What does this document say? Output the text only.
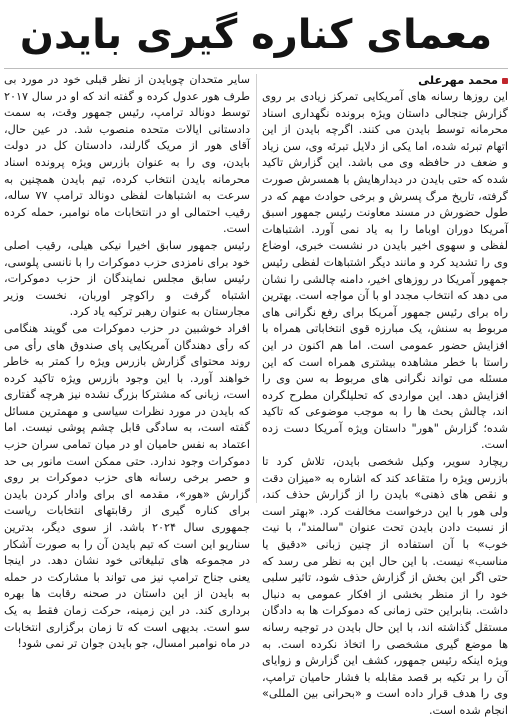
معمای کناره گیری بایدن
محمد مهرعلی

این روزها رسانه های آمریکایی تمرکز زیادی بر روی گزارش جنجالی داستان ویژه برونده نگهداری اسناد محرمانه توسط بایدن می کنند. اگرچه بایدن از این اتهام تبرئه شده، اما یکی از دلایل تبرئه وی، سن زیاد و ضعف در حافظه وی می باشد. این گزارش تاکید شده که حتی بایدن در دیدارهایش با همسرش صورت گرفته، تاریخ مرگ پسرش و برخی حوادث مهم که در طول حضورش در مسند معاونت رئیس جمهور اسبق آمریکا دوران اوباما را به یاد نمی آورد. اشتباهات لفظی و سهوی اخیر بایدن در نشست خبری، اوضاع وی را تشدید کرد و مانند دیگر اشتباهات لفظی رئیس جمهور آمریکا در روزهای اخیر، دامنه چالشی را نشان می دهد که انتخاب مجدد او با آن مواجه است. بهترین راه برای رئیس جمهور آمریکا برای رفع نگرانی های مربوط به سنش، یک مبارزه قوی انتخاباتی همراه با افزایش حضور عمومی است. اما هم اکنون در این راستا با خطر مشاهده بیشتری همراه است که این مسئله می تواند نگرانی های مربوط به سن وی را افزایش دهد. این مواردی که تحلیلگران مطرح کرده اند، چالش بحث ها را به موجب موضوعی که تاکید شده؛ گزارش "هور" داستان ویژه آمریکا دست زده است.

ریچارد سویر، وکیل شخصی بایدن، تلاش کرد تا بازرس ویژه را متقاعد کند که اشاره به «میزان دقت و نقص های ذهنی» بایدن را از گزارش حذف کند، ولی هور با این درخواست مخالفت کرد. «بهتر است از نسبت دادن بایدن تحت عنوان "سالمند"، با نیت خوب» با آن استفاده از چنین زبانی «دقیق یا مناسب» نیست. با این حال این به نظر می رسد که حتی اگر این بخش از گزارش حذف شود، تاثیر سلبی خود را از منظر بخشی از افکار عمومی به دنبال داشت. بنابراین حتی زمانی که دموکرات ها به دادگان مستقل گذاشته اند، با این حال بایدن در توجیه رسانه ها موضع گیری مشخصی را اتخاذ نکرده است. به ویژه اینکه رئیس جمهور، کشف این گزارش و زوایای آن را بر تکیه بر قصد مقابله با فشار حامیان ترامپ، وی را هدف قرار داده است و «بحرانی بین المللی» انجام شده است.

سایر متحدان چوبایدن از نظر قبلی خود در مورد بی طرف هور عدول کرده و گفته اند که او در سال ۲۰۱۷ توسط دونالد ترامپ، رئیس جمهور وقت، به سمت دادستانی ایالات متحده منصوب شد. در عین حال، آقای هور از مریک گارلند، دادستان کل در دولت بایدن، وی را به عنوان بازرس ویژه پرونده اسناد محرمانه بایدن انتخاب کرده، تیم بایدن همچنین به سرعت به اشتباهات لفظی دونالد ترامپ ۷۷ ساله، رقیب احتمالی او در انتخابات ماه نوامبر، حمله کرده است.

رئیس جمهور سابق اخیرا نیکی هیلی، رقیب اصلی خود برای نامزدی حزب دموکرات را با نانسی پلوسی، رئیس سابق مجلس نمایندگان از حزب دموکرات، اشتباه گرفت و راکوچر اوربان، نخست وزیر مجارستان به عنوان رهبر ترکیه یاد کرد.

افراد خوشبین در حزب دموکرات می گویند هنگامی که رأی دهندگان آمریکایی پای صندوق های رأی می روند محتوای گزارش بازرس ویژه را کمتر به خاطر خواهند آورد. با این وجود بازرس ویژه تاکید کرده است، زبانی که مشترکا بزرگ نشده نیز هرچه گفتاری که بایدن در مورد نظرات سیاسی و مهمترین مسائل گفته است، به سادگی قابل چشم پوشی نیست. اما اعتماد به نفس حامیان او در میان تمامی سران حزب دموکرات وجود ندارد. حتی ممکن است مانور بی حد و حصر برخی رسانه های حزب دموکرات بر روی گزارش «هور»، مقدمه ای برای وادار کردن بایدن برای کناره گیری از رقابتهای انتخابات ریاست جمهوری سال ۲۰۲۴ باشد. از سوی دیگر، بدترین سناریو این است که تیم بایدن آن را به صورت آشکار در مجموعه های تبلیغاتی خود نشان دهد. در اینجا یعنی جناح ترامپ نیز می تواند با مشارکت در حمله به بایدن از این داستان در صحنه رقابت ها بهره برداری کند. در این زمینه، حرکت زمان فقط به یک سو است. بدیهی است که تا زمان برگزاری انتخابات در ماه نوامبر امسال، جو بایدن جوان تر نمی شود!
